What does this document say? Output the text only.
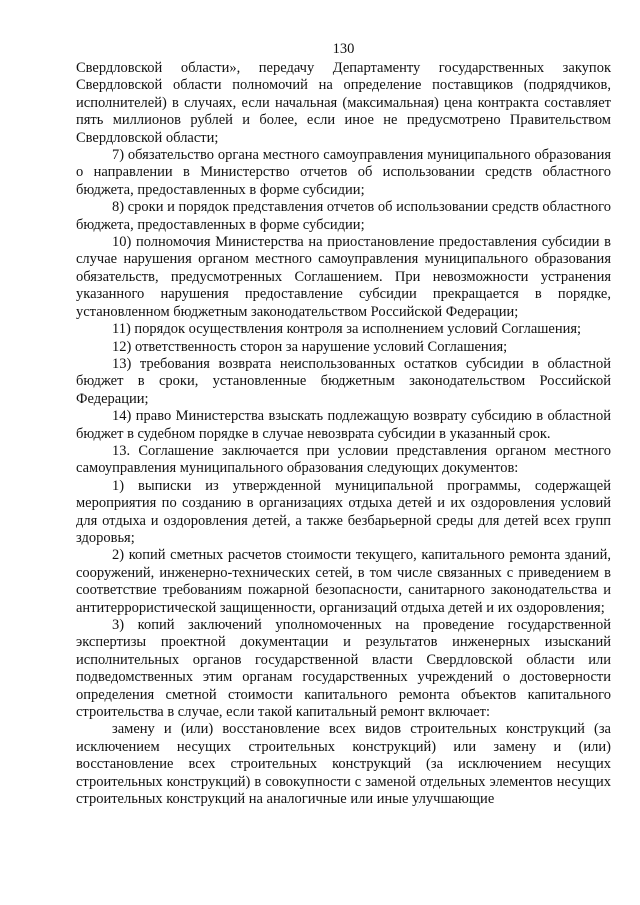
130

Свердловской области», передачу Департаменту государственных закупок Свердловской области полномочий на определение поставщиков (подрядчиков, исполнителей) в случаях, если начальная (максимальная) цена контракта составляет пять миллионов рублей и более, если иное не предусмотрено Правительством Свердловской области;

7) обязательство органа местного самоуправления муниципального образования о направлении в Министерство отчетов об использовании средств областного бюджета, предоставленных в форме субсидии;

8) сроки и порядок представления отчетов об использовании средств областного бюджета, предоставленных в форме субсидии;

10) полномочия Министерства на приостановление предоставления субсидии в случае нарушения органом местного самоуправления муниципального образования обязательств, предусмотренных Соглашением. При невозможности устранения указанного нарушения предоставление субсидии прекращается в порядке, установленном бюджетным законодательством Российской Федерации;

11) порядок осуществления контроля за исполнением условий Соглашения;

12) ответственность сторон за нарушение условий Соглашения;

13) требования возврата неиспользованных остатков субсидии в областной бюджет в сроки, установленные бюджетным законодательством Российской Федерации;

14) право Министерства взыскать подлежащую возврату субсидию в областной бюджет в судебном порядке в случае невозврата субсидии в указанный срок.

13. Соглашение заключается при условии представления органом местного самоуправления муниципального образования следующих документов:

1) выписки из утвержденной муниципальной программы, содержащей мероприятия по созданию в организациях отдыха детей и их оздоровления условий для отдыха и оздоровления детей, а также безбарьерной среды для детей всех групп здоровья;

2) копий сметных расчетов стоимости текущего, капитального ремонта зданий, сооружений, инженерно-технических сетей, в том числе связанных с приведением в соответствие требованиям пожарной безопасности, санитарного законодательства и антитеррористической защищенности, организаций отдыха детей и их оздоровления;

3) копий заключений уполномоченных на проведение государственной экспертизы проектной документации и результатов инженерных изысканий исполнительных органов государственной власти Свердловской области или подведомственных этим органам государственных учреждений о достоверности определения сметной стоимости капитального ремонта объектов капитального строительства в случае, если такой капитальный ремонт включает:

замену и (или) восстановление всех видов строительных конструкций (за исключением несущих строительных конструкций) или замену и (или) восстановление всех строительных конструкций (за исключением несущих строительных конструкций) в совокупности с заменой отдельных элементов несущих строительных конструкций на аналогичные или иные улучшающие
